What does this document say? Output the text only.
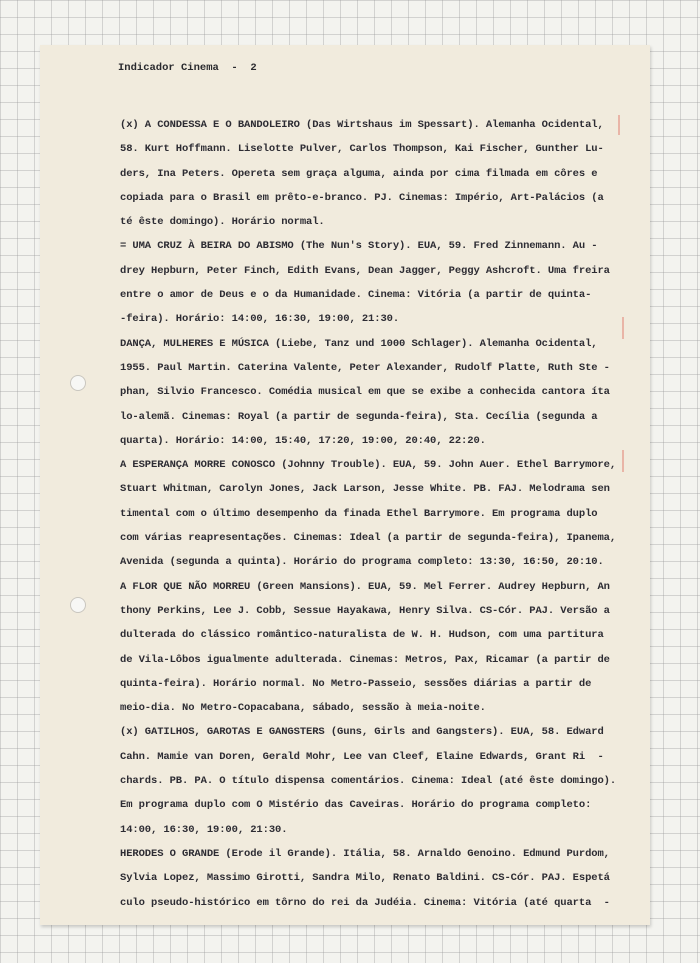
Indicador Cinema  -  2
(x) A CONDESSA E O BANDOLEIRO (Das Wirtshaus im Spessart). Alemanha Ocidental,
58. Kurt Hoffmann. Liselotte Pulver, Carlos Thompson, Kai Fischer, Gunther Lu-
ders, Ina Peters. Opereta sem graça alguma, ainda por cima filmada em côres e
copiada para o Brasil em prêto-e-branco. PJ. Cinemas: Império, Art-Palácios (a
té êste domingo). Horário normal.
= UMA CRUZ À BEIRA DO ABISMO (The Nun's Story). EUA, 59. Fred Zinnemann. Au -
drey Hepburn, Peter Finch, Edith Evans, Dean Jagger, Peggy Ashcroft. Uma freira
entre o amor de Deus e o da Humanidade. Cinema: Vitória (a partir de quinta-
-feira). Horário: 14:00, 16:30, 19:00, 21:30.
DANÇA, MULHERES E MÚSICA (Liebe, Tanz und 1000 Schlager). Alemanha Ocidental,
1955. Paul Martin. Caterina Valente, Peter Alexander, Rudolf Platte, Ruth Ste -
phan, Silvio Francesco. Comédia musical em que se exibe a conhecida cantora íta
lo-alemã. Cinemas: Royal (a partir de segunda-feira), Sta. Cecília (segunda a
quarta). Horário: 14:00, 15:40, 17:20, 19:00, 20:40, 22:20.
A ESPERANÇA MORRE CONOSCO (Johnny Trouble). EUA, 59. John Auer. Ethel Barrymore,
Stuart Whitman, Carolyn Jones, Jack Larson, Jesse White. PB. FAJ. Melodrama sen
timental com o último desempenho da finada Ethel Barrymore. Em programa duplo
com várias reapresentações. Cinemas: Ideal (a partir de segunda-feira), Ipanema,
Avenida (segunda a quinta). Horário do programa completo: 13:30, 16:50, 20:10.
A FLOR QUE NÃO MORREU (Green Mansions). EUA, 59. Mel Ferrer. Audrey Hepburn, An
thony Perkins, Lee J. Cobb, Sessue Hayakawa, Henry Silva. CS-Cór. PAJ. Versão a
dulterada do clássico romântico-naturalista de W. H. Hudson, com uma partitura
de Vila-Lôbos igualmente adulterada. Cinemas: Metros, Pax, Ricamar (a partir de
quinta-feira). Horário normal. No Metro-Passeio, sessões diárias a partir de
meio-dia. No Metro-Copacabana, sábado, sessão à meia-noite.
(x) GATILHOS, GAROTAS E GANGSTERS (Guns, Girls and Gangsters). EUA, 58. Edward
Cahn. Mamie van Doren, Gerald Mohr, Lee van Cleef, Elaine Edwards, Grant Ri  -
chards. PB. PA. O título dispensa comentários. Cinema: Ideal (até êste domingo).
Em programa duplo com O Mistério das Caveiras. Horário do programa completo:
14:00, 16:30, 19:00, 21:30.
HERODES O GRANDE (Erode il Grande). Itália, 58. Arnaldo Genoino. Edmund Purdom,
Sylvia Lopez, Massimo Girotti, Sandra Milo, Renato Baldini. CS-Cór. PAJ. Espetá
culo pseudo-histórico em tôrno do rei da Judéia. Cinema: Vitória (até quarta  -
